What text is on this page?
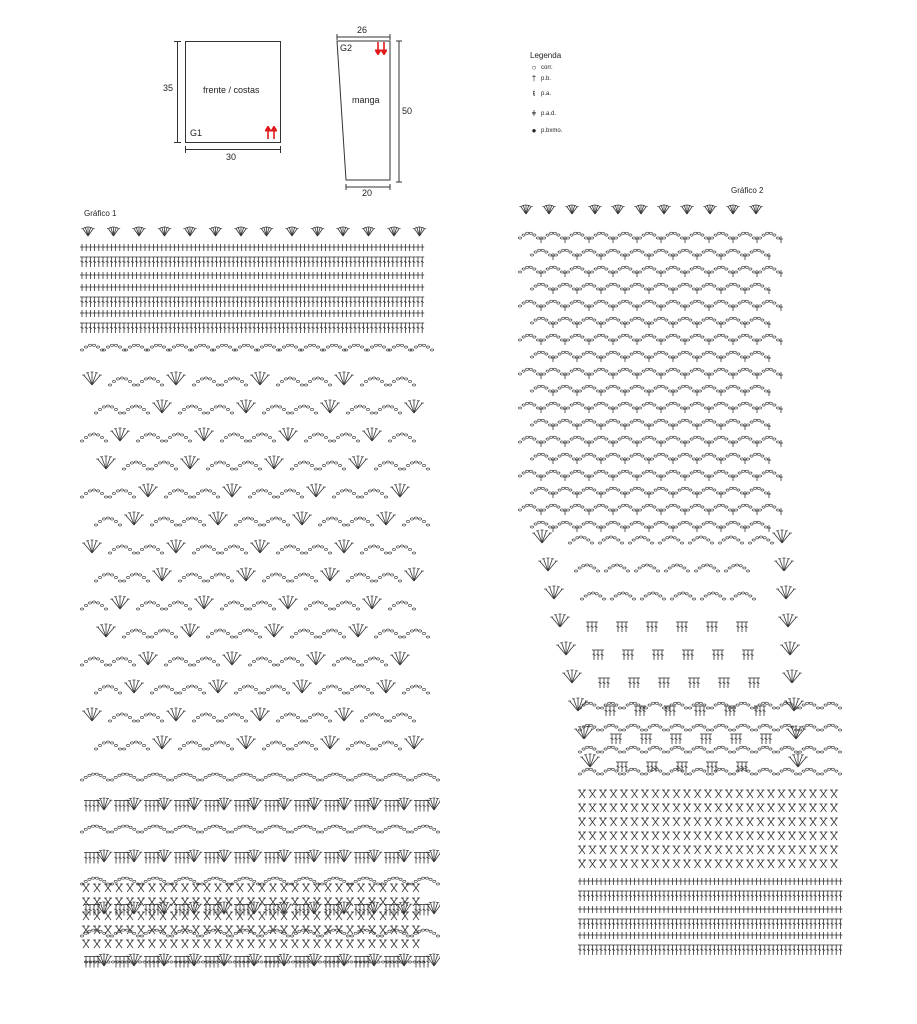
35
30
frente / costas
G1
26
50
20
manga
G2
Legenda
○ corr.
† p.b.
ŧ p.a.
ǂ p.a.d.
● p.bxmo.
Gráfico 1
Gráfico 2
